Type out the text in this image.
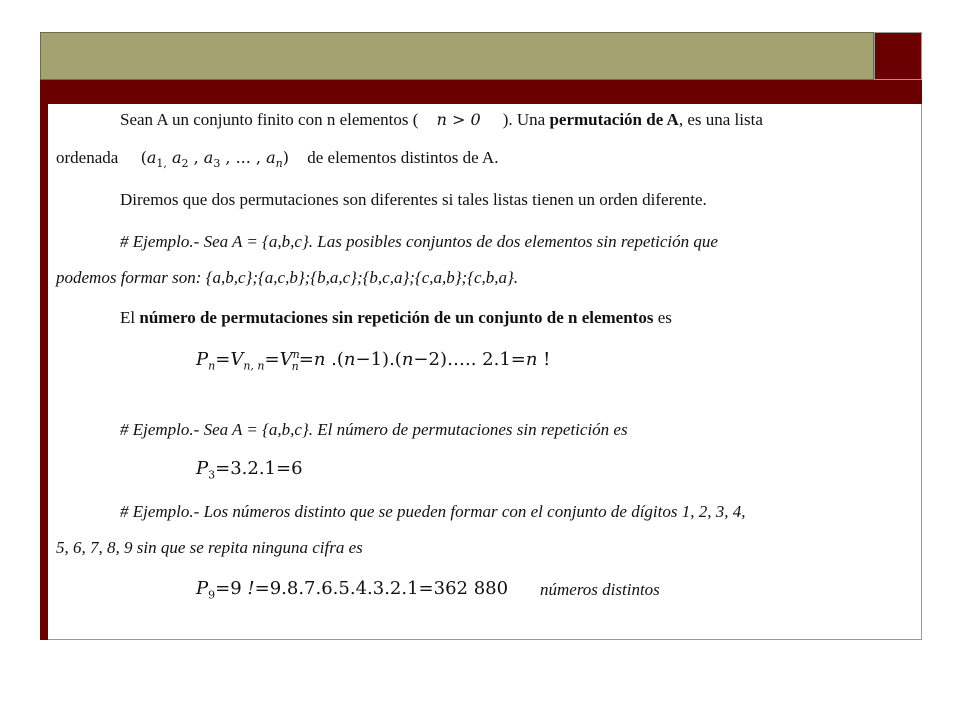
Sean A un conjunto finito con n elementos ( n > 0 ). Una permutación de A, es una lista
ordenada ($a_{1,}$ $a_2$ , $a_3$ , ... , $a_n$) de elementos distintos de A.
Diremos que dos permutaciones son diferentes si tales listas tienen un orden diferente.
# Ejemplo.- Sea A = {a,b,c}. Las posibles conjuntos de dos elementos sin repetición que
podemos formar son: {a,b,c};{a,c,b};{b,a,c};{b,c,a};{c,a,b};{c,b,a}.
El número de permutaciones sin repetición de un conjunto de n elementos es
$P_n=V_{n, n}=V^n_n=n$ .(n−1).(n−2)….. 2.1=n !
# Ejemplo.- Sea A = {a,b,c}. El número de permutaciones sin repetición es
$P_3=3.2.1=6$
# Ejemplo.- Los números distinto que se pueden formar con el conjunto de dígitos 1, 2, 3, 4,
5, 6, 7, 8, 9 sin que se repita ninguna cifra es
$P_9=9$ !=9.8.7.6.5.4.3.2.1=362 880 números distintos
